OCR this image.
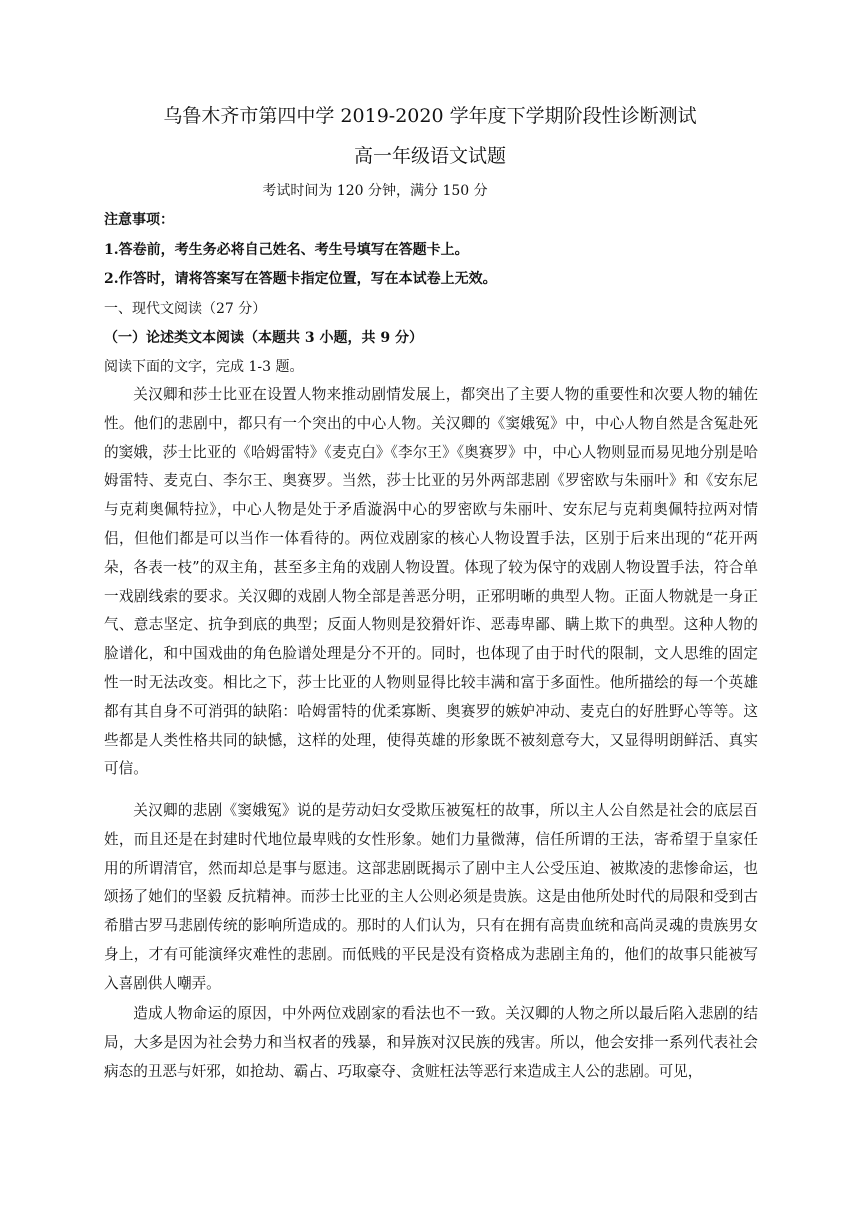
乌鲁木齐市第四中学 2019-2020 学年度下学期阶段性诊断测试
高一年级语文试题
考试时间为 120 分钟，满分 150 分
注意事项：
1.答卷前，考生务必将自己姓名、考生号填写在答题卡上。
2.作答时，请将答案写在答题卡指定位置，写在本试卷上无效。
一、现代文阅读（27 分）
（一）论述类文本阅读（本题共 3 小题，共 9 分）
阅读下面的文字，完成 1-3 题。

关汉卿和莎士比亚在设置人物来推动剧情发展上，都突出了主要人物的重要性和次要人物的辅佐性。他们的悲剧中，都只有一个突出的中心人物。关汉卿的《窦娥冤》中，中心人物自然是含冤赴死的窦娥，莎士比亚的《哈姆雷特》《麦克白》《李尔王》《奥赛罗》中，中心人物则显而易见地分别是哈姆雷特、麦克白、李尔王、奥赛罗。当然，莎士比亚的另外两部悲剧《罗密欧与朱丽叶》和《安东尼与克莉奥佩特拉》，中心人物是处于矛盾漩涡中心的罗密欧与朱丽叶、安东尼与克莉奥佩特拉两对情侣，但他们都是可以当作一体看待的。两位戏剧家的核心人物设置手法，区别于后来出现的“花开两朵，各表一枝”的双主角，甚至多主角的戏剧人物设置。体现了较为保守的戏剧人物设置手法，符合单一戏剧线索的要求。关汉卿的戏剧人物全部是善恶分明，正邪明晰的典型人物。正面人物就是一身正气、意志坚定、抗争到底的典型；反面人物则是狡猾奸诈、恶毒卑鄙、瞒上欺下的典型。这种人物的脸谱化，和中国戏曲的角色脸谱处理是分不开的。同时，也体现了由于时代的限制，文人思维的固定性一时无法改变。相比之下，莎士比亚的人物则显得比较丰满和富于多面性。他所描绘的每一个英雄都有其自身不可消弭的缺陷：哈姆雷特的优柔寡断、奥赛罗的嫉妒冲动、麦克白的好胜野心等等。这些都是人类性格共同的缺憾，这样的处理，使得英雄的形象既不被刻意夸大，又显得明朗鲜活、真实可信。

关汉卿的悲剧《窦娥冤》说的是劳动妇女受欺压被冤枉的故事，所以主人公自然是社会的底层百姓，而且还是在封建时代地位最卑贱的女性形象。她们力量微薄，信任所谓的王法，寄希望于皇家任用的所谓清官，然而却总是事与愿违。这部悲剧既揭示了剧中主人公受压迫、被欺凌的悲惨命运，也颂扬了她们的坚毅 反抗精神。而莎士比亚的主人公则必须是贵族。这是由他所处时代的局限和受到古希腊古罗马悲剧传统的影响所造成的。那时的人们认为，只有在拥有高贵血统和高尚灵魂的贵族男女身上，才有可能演绎灾难性的悲剧。而低贱的平民是没有资格成为悲剧主角的，他们的故事只能被写入喜剧供人嘲弄。

造成人物命运的原因，中外两位戏剧家的看法也不一致。关汉卿的人物之所以最后陷入悲剧的结局，大多是因为社会势力和当权者的残暴，和异族对汉民族的残害。所以，他会安排一系列代表社会病态的丑恶与奸邪，如抢劫、霸占、巧取豪夺、贪赃枉法等恶行来造成主人公的悲剧。可见，
